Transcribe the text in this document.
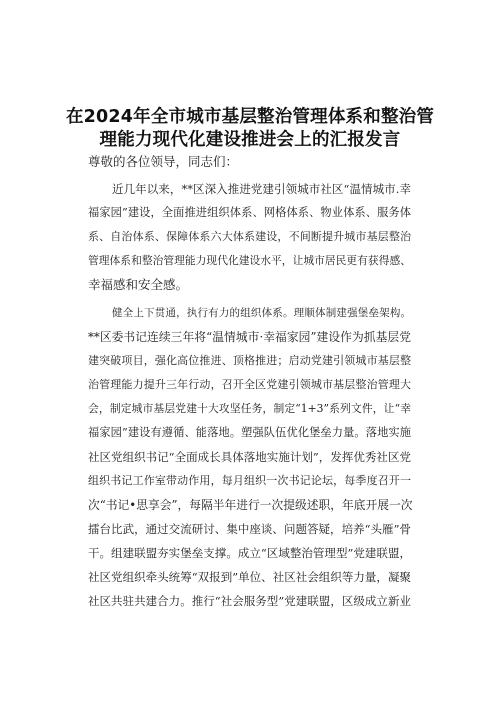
在2024年全市城市基层整治管理体系和整治管
理能力现代化建设推进会上的汇报发言
尊敬的各位领导，同志们：
近几年以来，**区深入推进党建引领城市社区“温情城市.幸
福家园”建设，全面推进组织体系、网格体系、物业体系、服务体
系、自治体系、保障体系六大体系建设，不间断提升城市基层整治
管理体系和整治管理能力现代化建设水平，让城市居民更有获得感、
幸福感和安全感。
健全上下贯通，执行有力的组织体系。理顺体制建强堡垒架构。
**区委书记连续三年将“温情城市·幸福家园”建设作为抓基层党
建突破项目，强化高位推进、顶格推进；启动党建引领城市基层整
治管理能力提升三年行动，召开全区党建引领城市基层整治管理大
会，制定城市基层党建十大攻坚任务，制定“1+3”系列文件，让“幸
福家园”建设有遵循、能落地。塑强队伍优化堡垒力量。落地实施
社区党组织书记“全面成长具体落地实施计划”，发挥优秀社区党
组织书记工作室带动作用，每月组织一次书记论坛，每季度召开一
次“书记•思享会”，每隔半年进行一次提级述职，年底开展一次
擂台比武，通过交流研讨、集中座谈、问题答疑，培养“头雁”骨
干。组建联盟夯实堡垒支撑。成立“区域整治管理型”党建联盟，
社区党组织牵头统筹“双报到”单位、社区社会组织等力量，凝聚
社区共驻共建合力。推行“社会服务型”党建联盟，区级成立新业
